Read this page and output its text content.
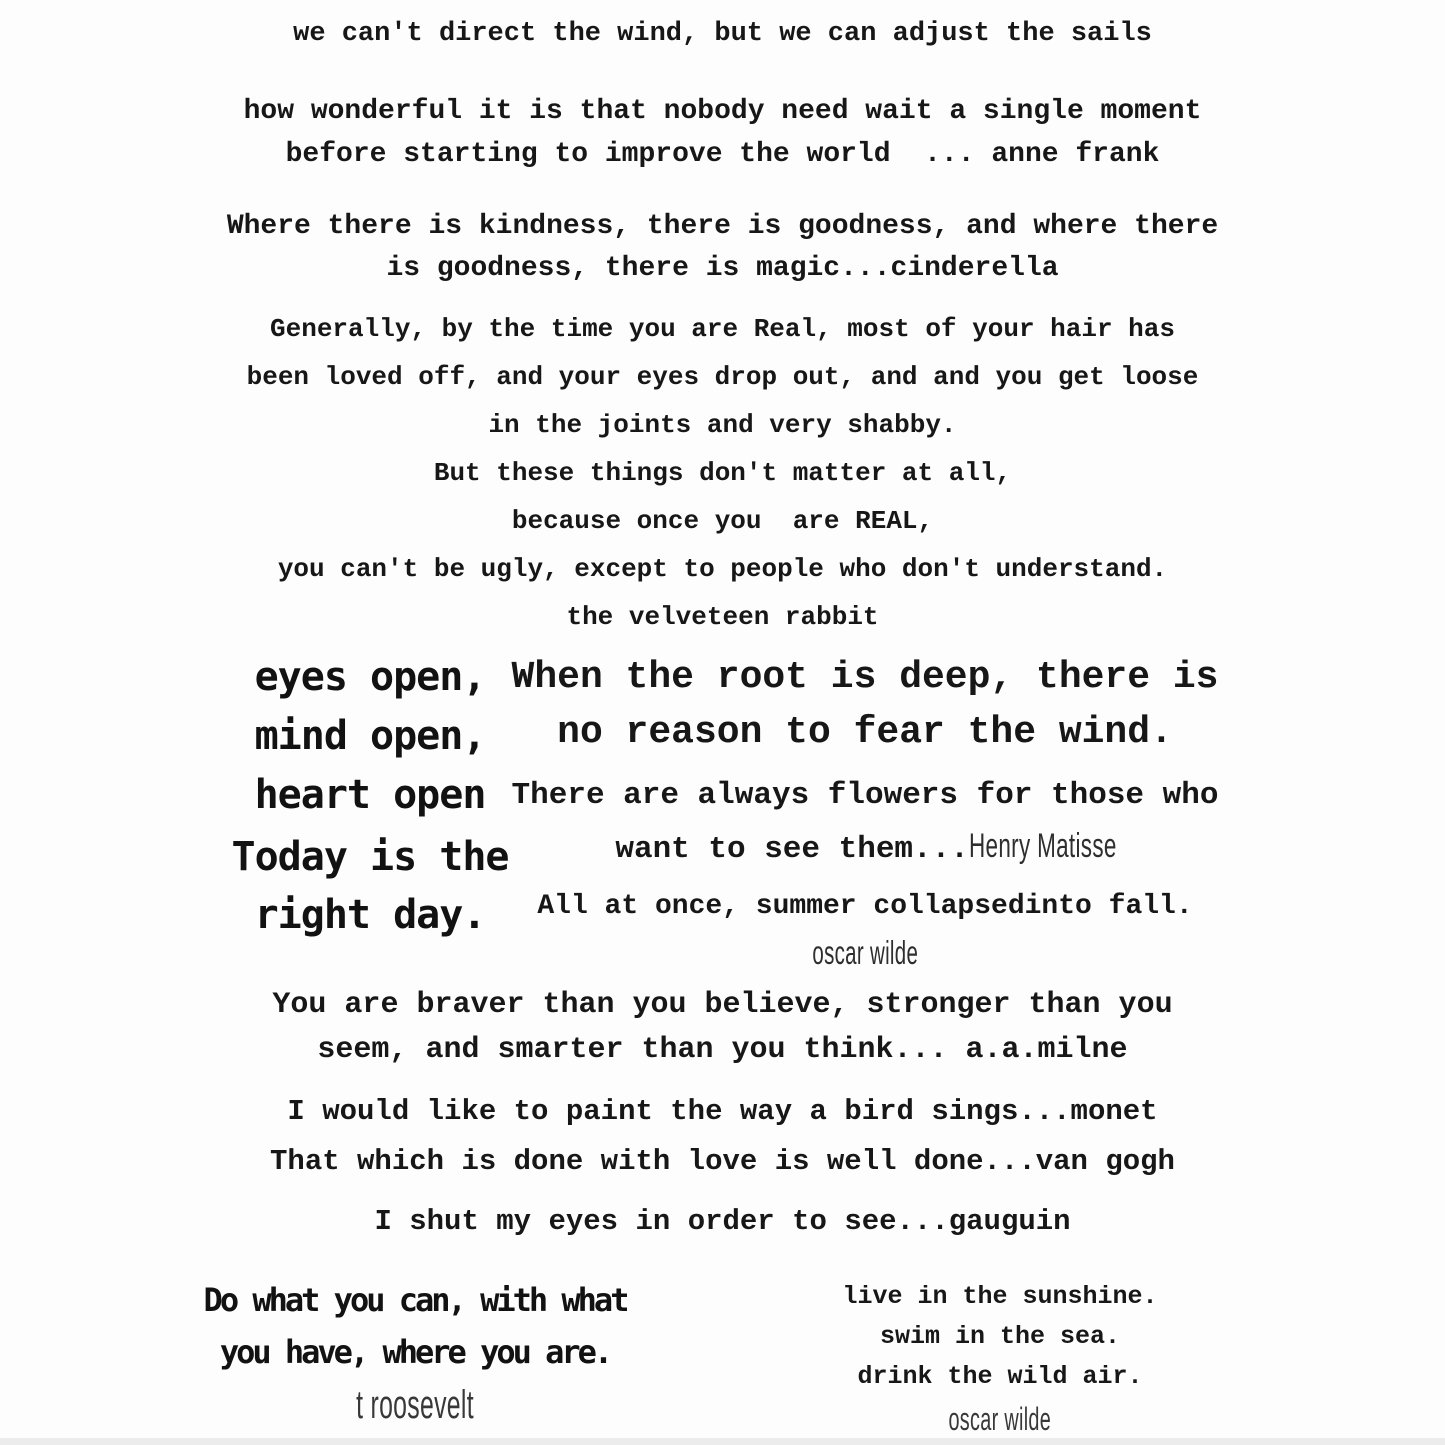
we can't direct the wind, but we can adjust the sails
how wonderful it is that nobody need wait a single moment
before starting to improve the world  ... anne frank
Where there is kindness, there is goodness, and where there
is goodness, there is magic...cinderella
Generally, by the time you are Real, most of your hair has
been loved off, and your eyes drop out, and and you get loose
in the joints and very shabby.
But these things don't matter at all,
because once you  are REAL,
you can't be ugly, except to people who don't understand.
the velveteen rabbit
eyes open,
mind open,
heart open
Today is the
right day.
When the root is deep, there is
no reason to fear the wind.
There are always flowers for those who
want to see them...Henry Matisse
All at once, summer collapsedinto fall.
oscar wilde
You are braver than you believe, stronger than you
seem, and smarter than you think... a.a.milne
I would like to paint the way a bird sings...monet
That which is done with love is well done...van gogh
I shut my eyes in order to see...gauguin
Do what you can, with what
you have, where you are.
t roosevelt
live in the sunshine.
swim in the sea.
drink the wild air.
oscar wilde
